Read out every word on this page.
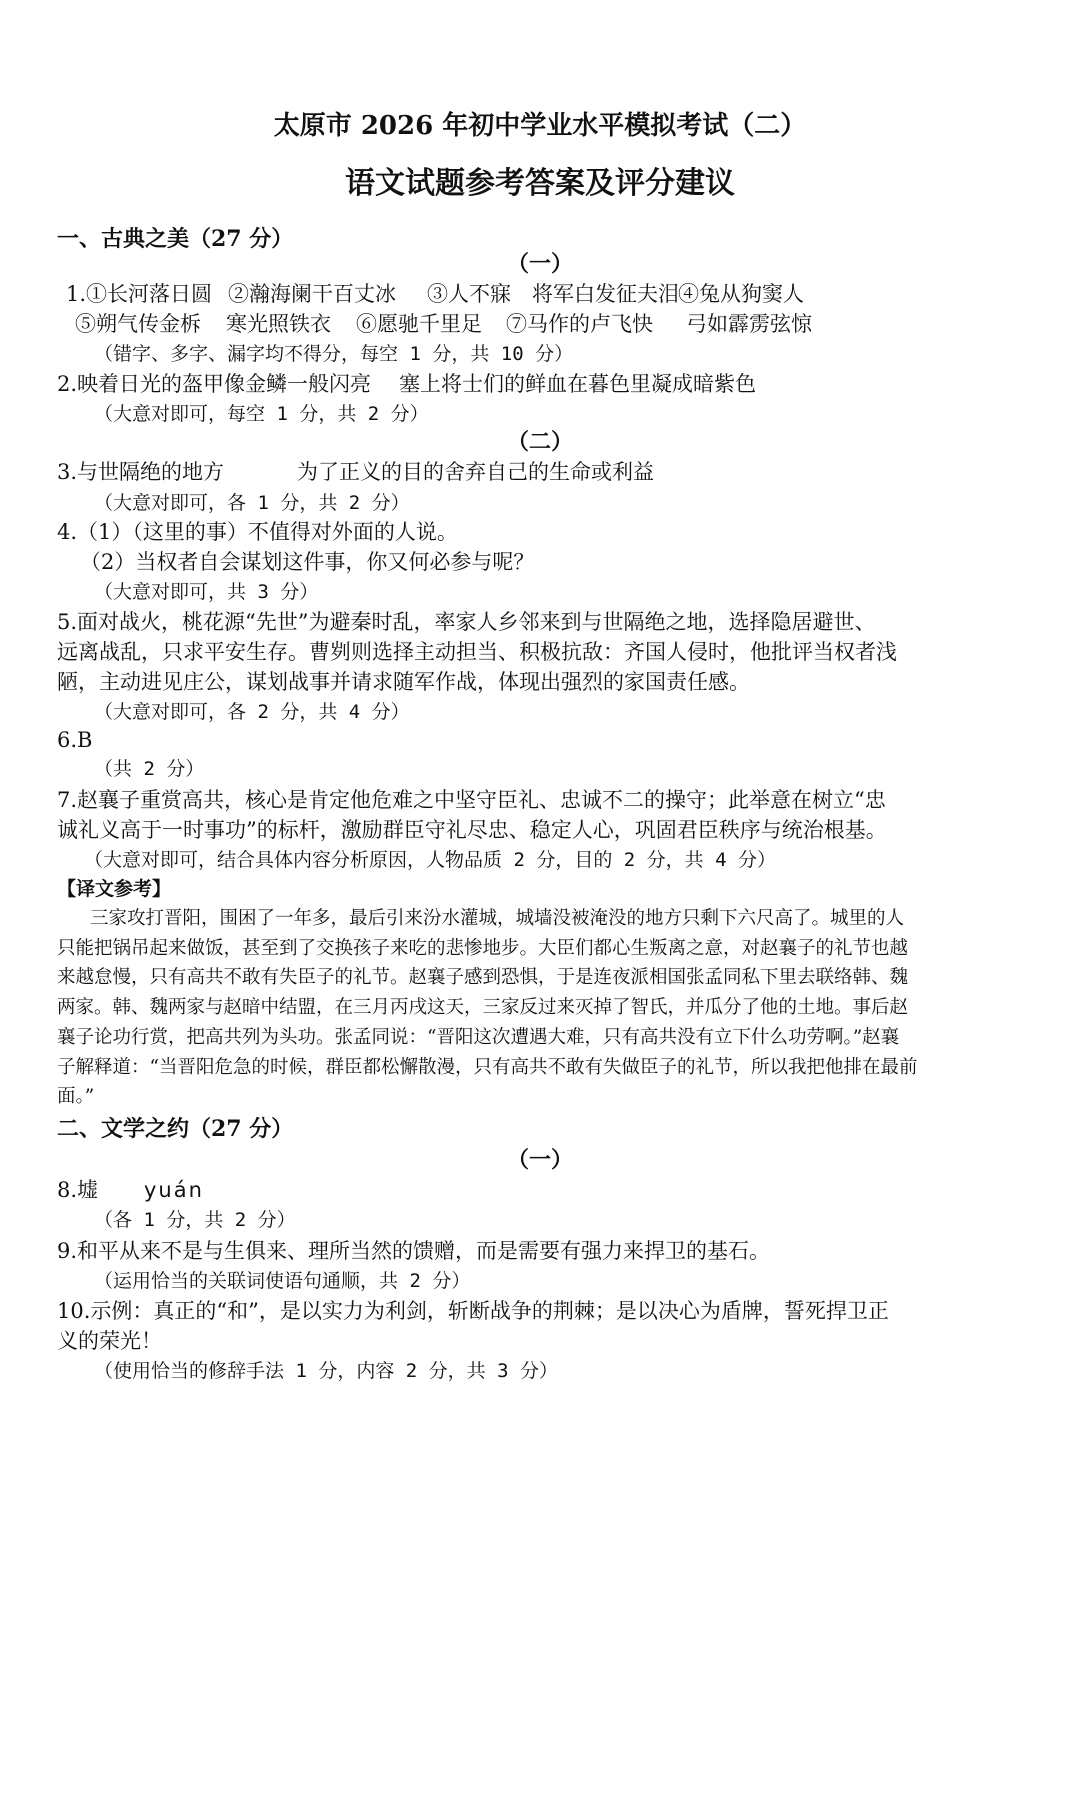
太原市 2026 年初中学业水平模拟考试（二）
语文试题参考答案及评分建议
一、古典之美（27 分）
（一）
1.①长河落日圆 ②瀚海阑干百丈冰 ③人不寐　将军白发征夫泪 ④兔从狗窦人
⑤朔气传金柝 寒光照铁衣 ⑥愿驰千里足 ⑦马作的卢飞快 弓如霹雳弦惊
（错字、多字、漏字均不得分，每空 1 分，共 10 分）
2.映着日光的盔甲像金鳞一般闪亮 塞上将士们的鲜血在暮色里凝成暗紫色
（大意对即可，每空 1 分，共 2 分）
（二）
3.与世隔绝的地方	为了正义的目的舍弃自己的生命或利益
（大意对即可，各 1 分，共 2 分）
4.（1）（这里的事）不值得对外面的人说。
（2）当权者自会谋划这件事，你又何必参与呢？
（大意对即可，共 3 分）
5.面对战火，桃花源“先世”为避秦时乱，率家人乡邻来到与世隔绝之地，选择隐居避世、
远离战乱，只求平安生存。曹刿则选择主动担当、积极抗敌：齐国人侵时，他批评当权者浅
陋，主动进见庄公，谋划战事并请求随军作战，体现出强烈的家国责任感。
（大意对即可，各 2 分，共 4 分）
6.B
（共 2 分）
7.赵襄子重赏高共，核心是肯定他危难之中坚守臣礼、忠诚不二的操守；此举意在树立“忠
诚礼义高于一时事功”的标杆，激励群臣守礼尽忠、稳定人心，巩固君臣秩序与统治根基。
（大意对即可，结合具体内容分析原因，人物品质 2 分，目的 2 分，共 4 分）
【译文参考】
三家攻打晋阳，围困了一年多，最后引来汾水灌城，城墙没被淹没的地方只剩下六尺高了。城里的人
只能把锅吊起来做饭，甚至到了交换孩子来吃的悲惨地步。大臣们都心生叛离之意，对赵襄子的礼节也越
来越怠慢，只有高共不敢有失臣子的礼节。赵襄子感到恐惧，于是连夜派相国张孟同私下里去联络韩、魏
两家。韩、魏两家与赵暗中结盟，在三月丙戌这天，三家反过来灭掉了智氏，并瓜分了他的土地。事后赵
襄子论功行赏，把高共列为头功。张孟同说：“晋阳这次遭遇大难，只有高共没有立下什么功劳啊。”赵襄
子解释道：“当晋阳危急的时候，群臣都松懈散漫，只有高共不敢有失做臣子的礼节，所以我把他排在最前
面。”
二、文学之约（27 分）
（一）
8.墟 yuán
（各 1 分，共 2 分）
9.和平从来不是与生俱来、理所当然的馈赠，而是需要有强力来捍卫的基石。
（运用恰当的关联词使语句通顺，共 2 分）
10.示例：真正的“和”，是以实力为利剑，斩断战争的荆棘；是以决心为盾牌，誓死捍卫正
义的荣光！
（使用恰当的修辞手法 1 分，内容 2 分，共 3 分）
